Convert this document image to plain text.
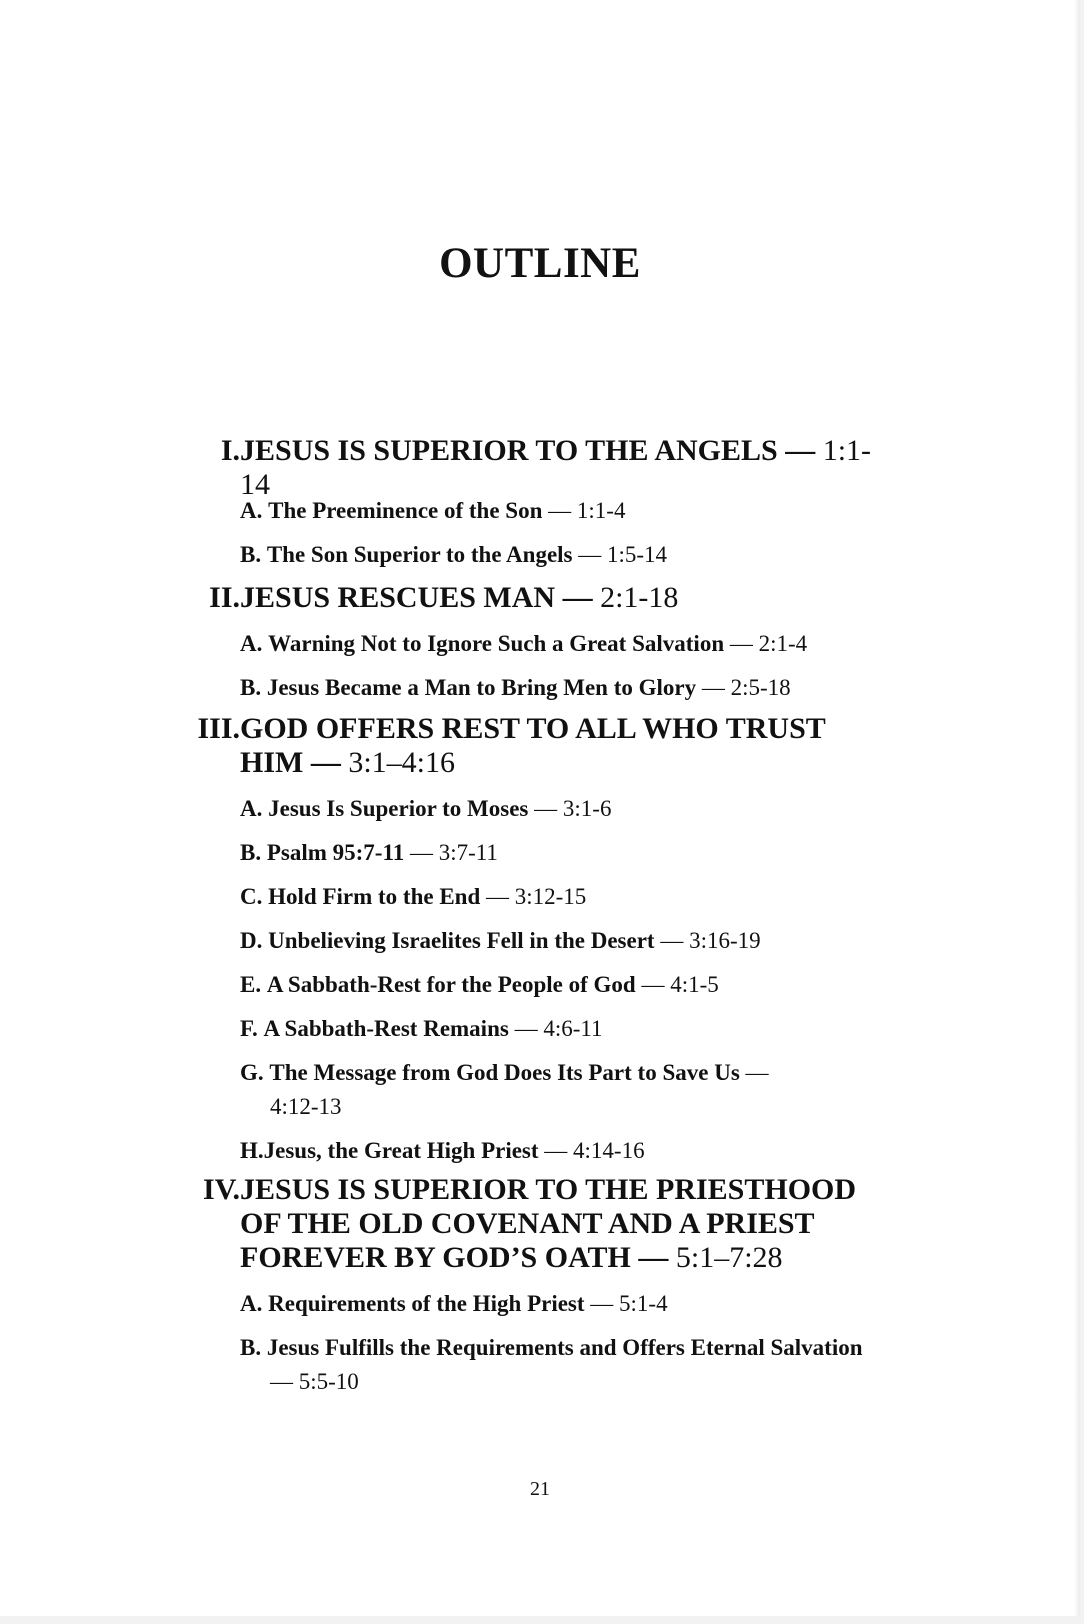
OUTLINE
I. JESUS IS SUPERIOR TO THE ANGELS — 1:1-14
A. The Preeminence of the Son — 1:1-4
B. The Son Superior to the Angels — 1:5-14
II. JESUS RESCUES MAN — 2:1-18
A. Warning Not to Ignore Such a Great Salvation — 2:1-4
B. Jesus Became a Man to Bring Men to Glory — 2:5-18
III. GOD OFFERS REST TO ALL WHO TRUST HIM — 3:1–4:16
A. Jesus Is Superior to Moses — 3:1-6
B. Psalm 95:7-11 — 3:7-11
C. Hold Firm to the End — 3:12-15
D. Unbelieving Israelites Fell in the Desert — 3:16-19
E. A Sabbath-Rest for the People of God — 4:1-5
F. A Sabbath-Rest Remains — 4:6-11
G. The Message from God Does Its Part to Save Us — 4:12-13
H.Jesus, the Great High Priest — 4:14-16
IV. JESUS IS SUPERIOR TO THE PRIESTHOOD OF THE OLD COVENANT AND A PRIEST FOREVER BY GOD’S OATH — 5:1–7:28
A. Requirements of the High Priest — 5:1-4
B. Jesus Fulfills the Requirements and Offers Eternal Salvation — 5:5-10
21
